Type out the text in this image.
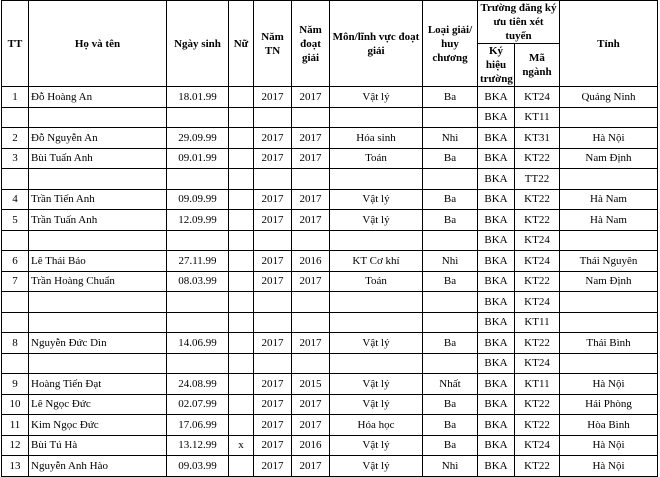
TT	Họ và tên	Ngày sinh	Nữ	Năm TN	Năm đoạt giải	Môn/lĩnh vực đoạt giải	Loại giải/ huy chương	Trường đăng ký ưu tiên xét tuyển		Tỉnh
								Ký hiệu trường	Mã ngành	
1	Đỗ Hoàng An	18.01.99		2017	2017	Vật lý	Ba	BKA	KT24	Quảng Ninh
								BKA	KT11	
2	Đỗ Nguyễn An	29.09.99		2017	2017	Hóa sinh	Nhì	BKA	KT31	Hà Nội
3	Bùi Tuấn Anh	09.01.99		2017	2017	Toán	Ba	BKA	KT22	Nam Định
								BKA	TT22	
4	Trần Tiến Anh	09.09.99		2017	2017	Vật lý	Ba	BKA	KT22	Hà Nam
5	Trần Tuấn Anh	12.09.99		2017	2017	Vật lý	Ba	BKA	KT22	Hà Nam
								BKA	KT24	
6	Lê Thái Bảo	27.11.99		2017	2016	KT Cơ khí	Nhì	BKA	KT24	Thái Nguyên
7	Trần Hoàng Chuẩn	08.03.99		2017	2017	Toán	Ba	BKA	KT22	Nam Định
								BKA	KT24	
								BKA	KT11	
8	Nguyễn Đức Dìn	14.06.99		2017	2017	Vật lý	Ba	BKA	KT22	Thái Bình
								BKA	KT24	
9	Hoàng Tiến Đạt	24.08.99		2017	2015	Vật lý	Nhất	BKA	KT11	Hà Nội
10	Lê Ngọc Đức	02.07.99		2017	2017	Vật lý	Ba	BKA	KT22	Hải Phòng
11	Kim Ngọc Đức	17.06.99		2017	2017	Hóa học	Ba	BKA	KT22	Hòa Bình
12	Bùi Tú Hà	13.12.99	x	2017	2016	Vật lý	Ba	BKA	KT24	Hà Nội
13	Nguyễn Anh Hào	09.03.99		2017	2017	Vật lý	Nhì	BKA	KT22	Hà Nội
